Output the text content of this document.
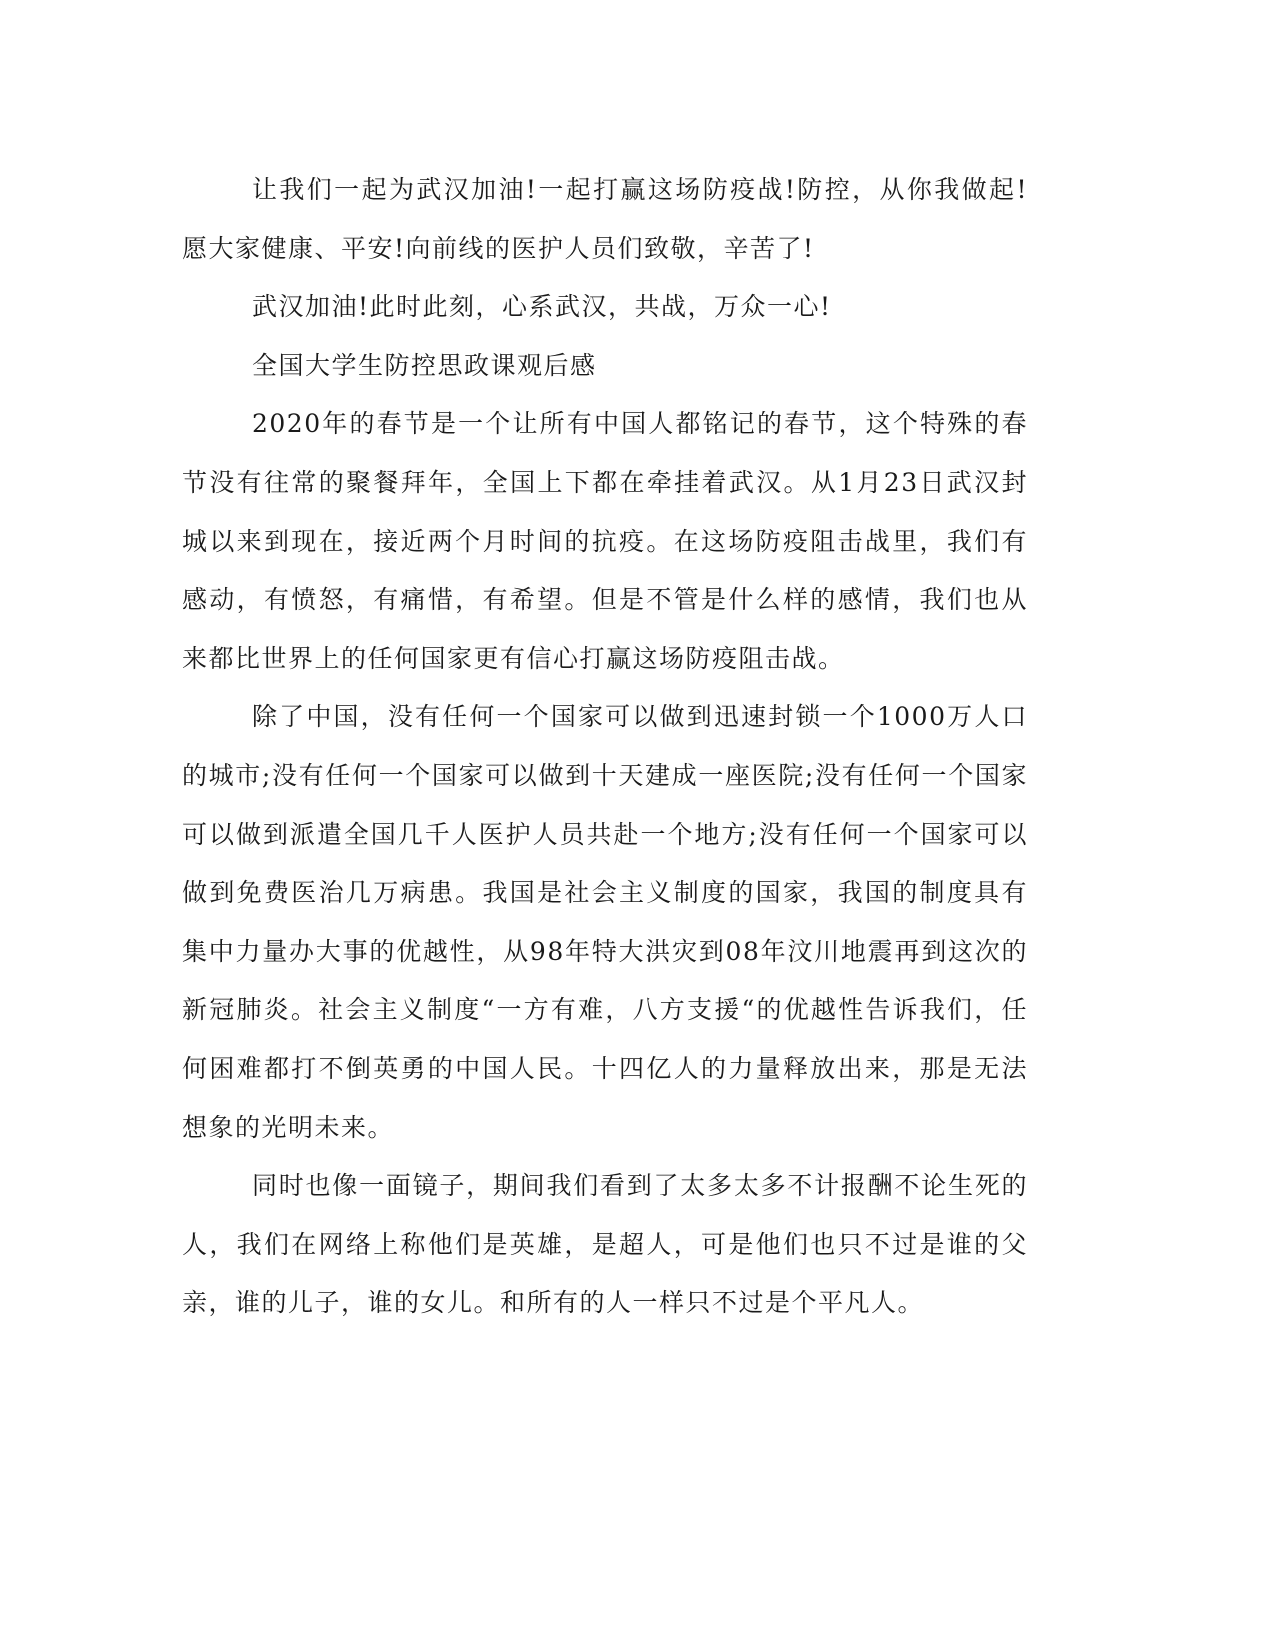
让我们一起为武汉加油!一起打赢这场防疫战!防控，从你我做起!愿大家健康、平安!向前线的医护人员们致敬，辛苦了!

武汉加油!此时此刻，心系武汉，共战，万众一心!

全国大学生防控思政课观后感

2020年的春节是一个让所有中国人都铭记的春节，这个特殊的春节没有往常的聚餐拜年，全国上下都在牵挂着武汉。从1月23日武汉封城以来到现在，接近两个月时间的抗疫。在这场防疫阻击战里，我们有感动，有愤怒，有痛惜，有希望。但是不管是什么样的感情，我们也从来都比世界上的任何国家更有信心打赢这场防疫阻击战。

除了中国，没有任何一个国家可以做到迅速封锁一个1000万人口的城市;没有任何一个国家可以做到十天建成一座医院;没有任何一个国家可以做到派遣全国几千人医护人员共赴一个地方;没有任何一个国家可以做到免费医治几万病患。我国是社会主义制度的国家，我国的制度具有集中力量办大事的优越性，从98年特大洪灾到08年汶川地震再到这次的新冠肺炎。社会主义制度“一方有难，八方支援“的优越性告诉我们，任何困难都打不倒英勇的中国人民。十四亿人的力量释放出来，那是无法想象的光明未来。

同时也像一面镜子，期间我们看到了太多太多不计报酬不论生死的人，我们在网络上称他们是英雄，是超人，可是他们也只不过是谁的父亲，谁的儿子，谁的女儿。和所有的人一样只不过是个平凡人。
